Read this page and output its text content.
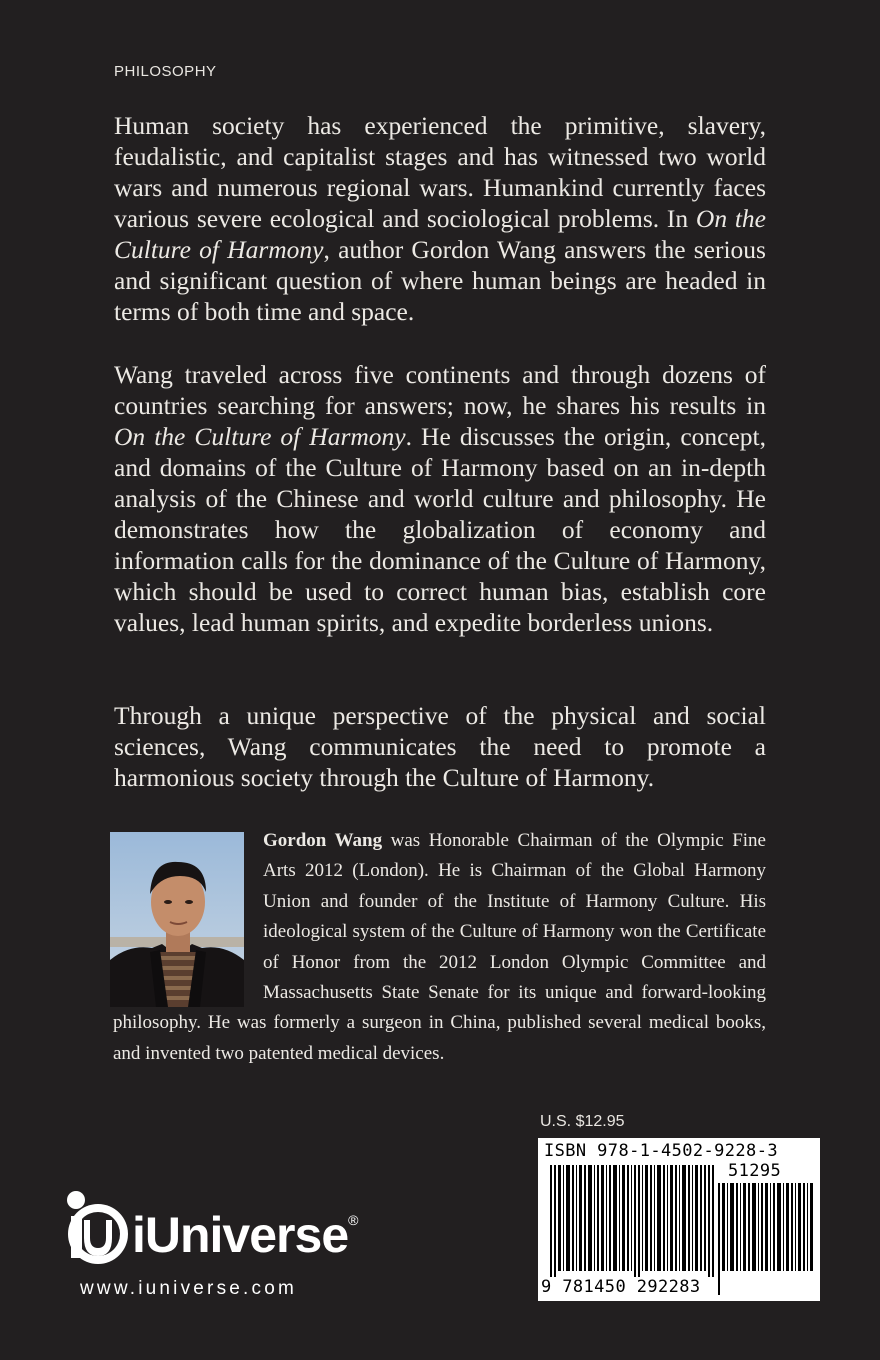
PHILOSOPHY

Human society has experienced the primitive, slavery, feudalistic, and capitalist stages and has witnessed two world wars and numerous regional wars. Humankind currently faces various severe ecological and sociological problems. In On the Culture of Harmony, author Gordon Wang answers the serious and significant question of where human beings are headed in terms of both time and space.

Wang traveled across five continents and through dozens of countries searching for answers; now, he shares his results in On the Culture of Harmony. He discusses the origin, concept, and domains of the Culture of Harmony based on an in-depth analysis of the Chinese and world culture and philosophy. He demonstrates how the globalization of economy and information calls for the dominance of the Culture of Harmony, which should be used to correct human bias, establish core values, lead human spirits, and expedite borderless unions.

Through a unique perspective of the physical and social sciences, Wang communicates the need to promote a harmonious society through the Culture of Harmony.

Gordon Wang was Honorable Chairman of the Olympic Fine Arts 2012 (London). He is Chairman of the Global Harmony Union and founder of the Institute of Harmony Culture. His ideological system of the Culture of Harmony won the Certificate of Honor from the 2012 London Olympic Committee and Massachusetts State Senate for its unique and forward-looking philosophy. He was formerly a surgeon in China, published several medical books, and invented two patented medical devices.

U.S. $12.95
ISBN 978-1-4502-9228-3
51295
9 781450 292283
iUniverse®
www.iuniverse.com
